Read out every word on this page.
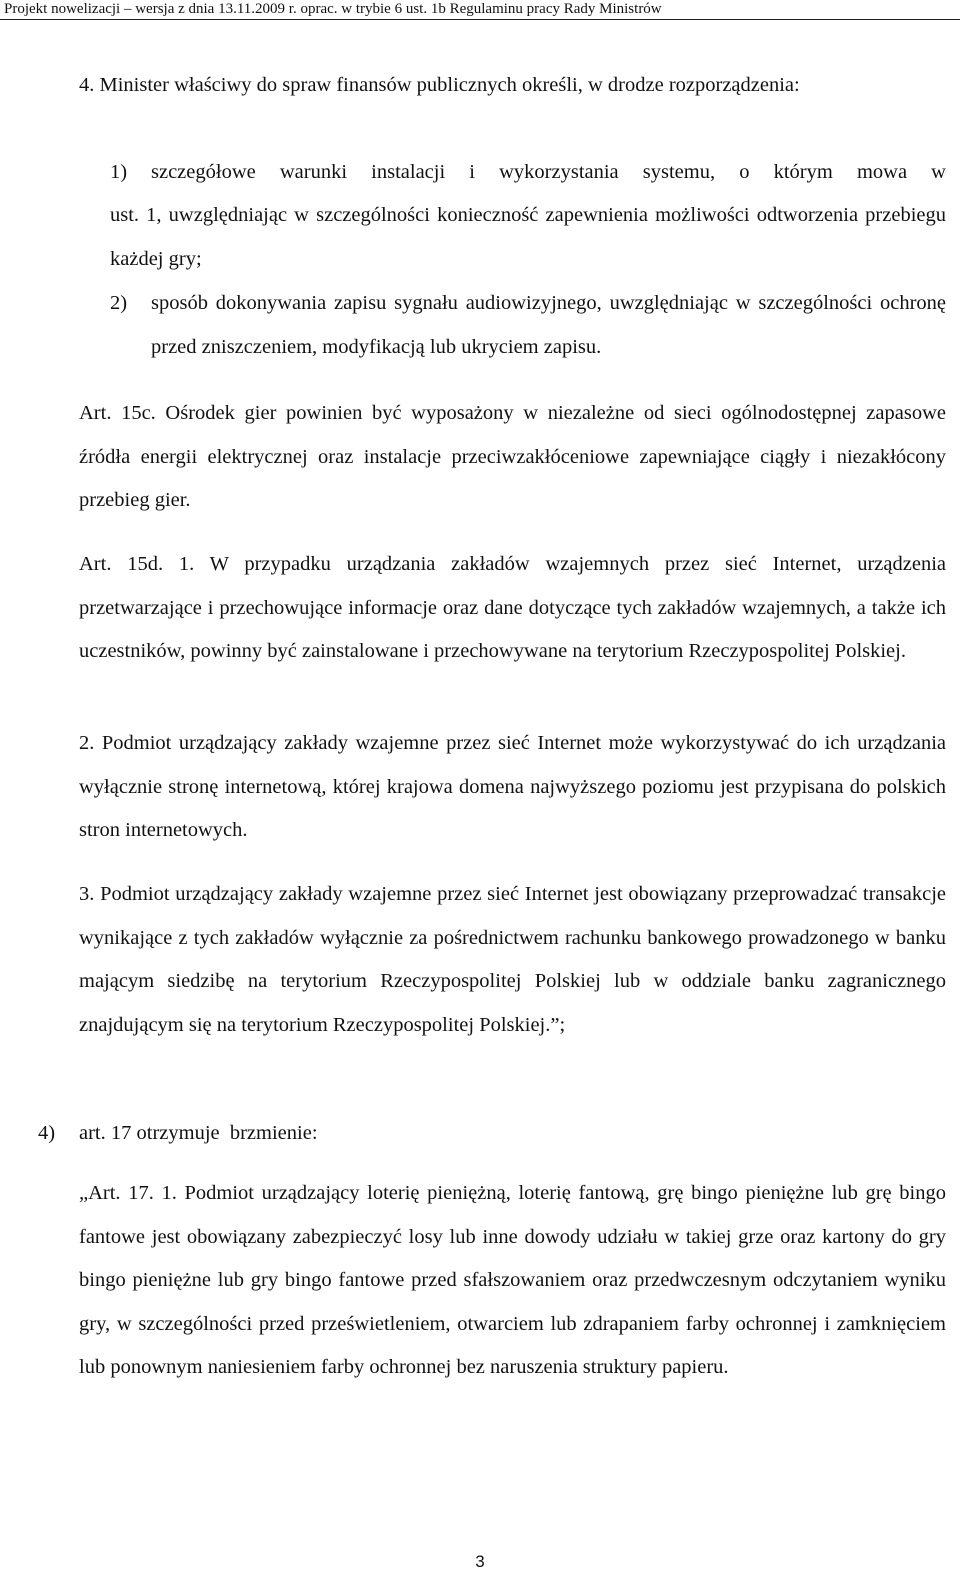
Projekt nowelizacji – wersja z dnia 13.11.2009 r. oprac. w trybie 6 ust. 1b Regulaminu pracy Rady Ministrów

4. Minister właściwy do spraw finansów publicznych określi, w drodze rozporządzenia:

1)	szczegółowe warunki instalacji i wykorzystania systemu, o którym mowa w

ust. 1, uwzględniając w szczególności konieczność zapewnienia możliwości odtworzenia przebiegu każdej gry;

2)	sposób dokonywania zapisu sygnału audiowizyjnego, uwzględniając w szczególności ochronę przed zniszczeniem, modyfikacją lub ukryciem zapisu.

Art. 15c. Ośrodek gier powinien być wyposażony w niezależne od sieci ogólnodostępnej zapasowe źródła energii elektrycznej oraz instalacje przeciwzakłóceniowe zapewniające ciągły i niezakłócony przebieg gier.

Art. 15d. 1. W przypadku urządzania zakładów wzajemnych przez sieć Internet, urządzenia przetwarzające i przechowujące informacje oraz dane dotyczące tych zakładów wzajemnych, a także ich uczestników, powinny być zainstalowane i przechowywane na terytorium Rzeczypospolitej Polskiej.

2. Podmiot urządzający zakłady wzajemne przez sieć Internet może wykorzystywać do ich urządzania wyłącznie stronę internetową, której krajowa domena najwyższego poziomu jest przypisana do polskich stron internetowych.

3. Podmiot urządzający zakłady wzajemne przez sieć Internet jest obowiązany przeprowadzać transakcje wynikające z tych zakładów wyłącznie za pośrednictwem rachunku bankowego prowadzonego w banku mającym siedzibę na terytorium Rzeczypospolitej Polskiej lub w oddziale banku zagranicznego znajdującym się na terytorium Rzeczypospolitej Polskiej.”;

4) art. 17 otrzymuje  brzmienie:

„Art. 17. 1. Podmiot urządzający loterię pieniężną, loterię fantową, grę bingo pieniężne lub grę bingo fantowe jest obowiązany zabezpieczyć losy lub inne dowody udziału w takiej grze oraz kartony do gry bingo pieniężne lub gry bingo fantowe przed sfałszowaniem oraz przedwczesnym odczytaniem wyniku gry, w szczególności przed prześwietleniem, otwarciem lub zdrapaniem farby ochronnej i zamknięciem lub ponownym naniesieniem farby ochronnej bez naruszenia struktury papieru.

3
